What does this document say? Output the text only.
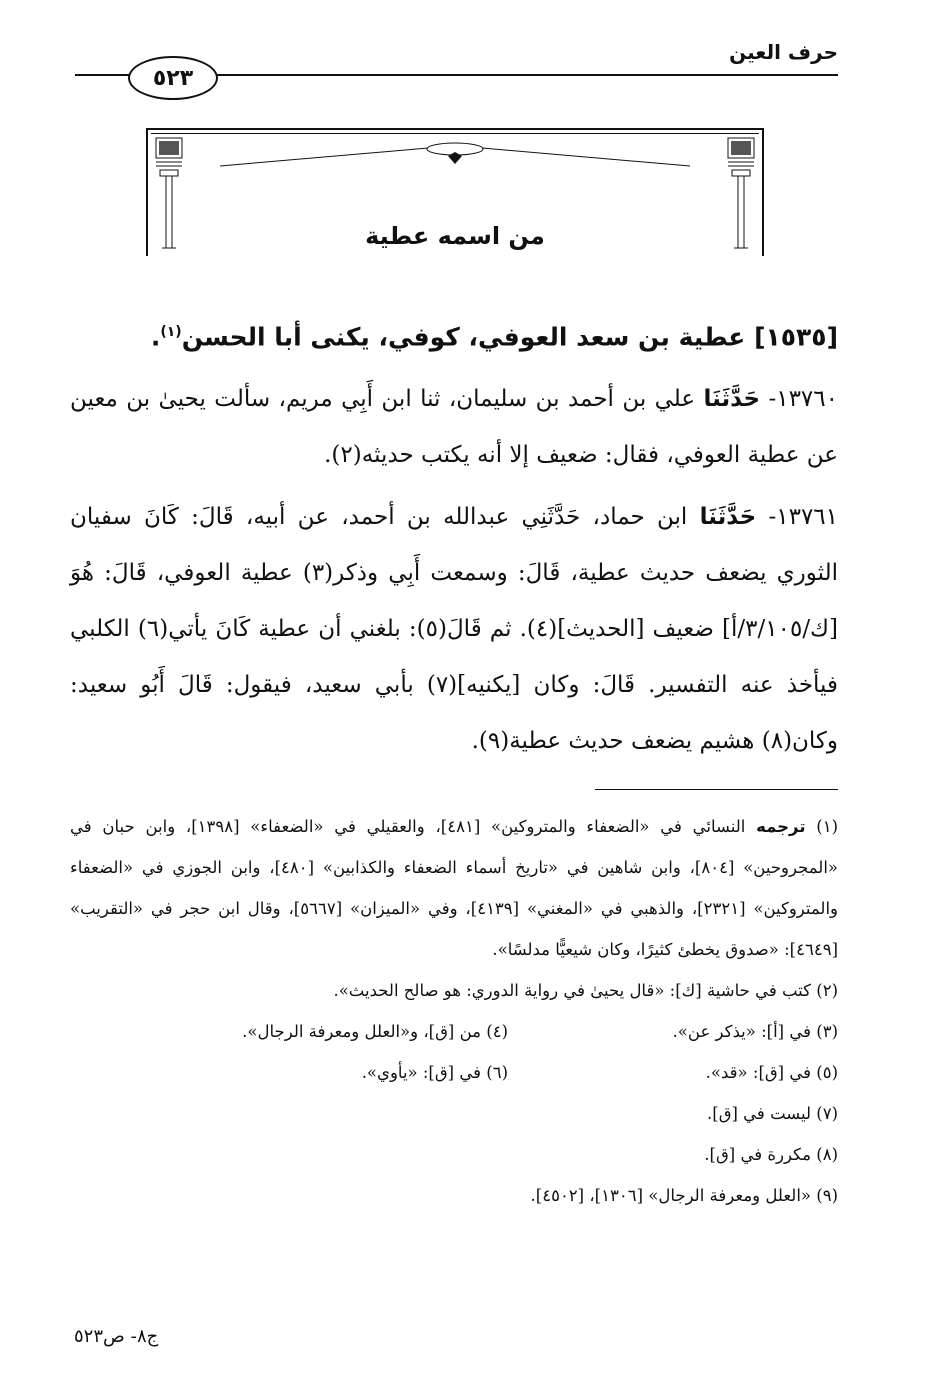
حرف العين
٥٢٣
من اسمه عطية
[١٥٣٥] عطية بن سعد العوفي، كوفي، يكنى أبا الحسن$^{(١)}$.
١٣٧٦٠- حَدَّثَنَا علي بن أحمد بن سليمان، ثنا ابن أَبِي مريم، سألت يحيىٰ بن معين عن عطية العوفي، فقال: ضعيف إلا أنه يكتب حديثه(٢).
١٣٧٦١- حَدَّثَنَا ابن حماد، حَدَّثَنِي عبدالله بن أحمد، عن أبيه، قَالَ: كَانَ سفيان الثوري يضعف حديث عطية، قَالَ: وسمعت أَبِي وذكر(٣) عطية العوفي، قَالَ: هُوَ [ك/٣/١٠٥/أ] ضعيف [الحديث](٤). ثم قَالَ(٥): بلغني أن عطية كَانَ يأتي(٦) الكلبي فيأخذ عنه التفسير. قَالَ: وكان [يكنيه](٧) بأبي سعيد، فيقول: قَالَ أَبُو سعيد: وكان(٨) هشيم يضعف حديث عطية(٩).

(١) ترجمه النسائي في «الضعفاء والمتروكين» [٤٨١]، والعقيلي في «الضعفاء» [١٣٩٨]، وابن حبان في «المجروحين» [٨٠٤]، وابن شاهين في «تاريخ أسماء الضعفاء والكذابين» [٤٨٠]، وابن الجوزي في «الضعفاء والمتروكين» [٢٣٢١]، والذهبي في «المغني» [٤١٣٩]، وفي «الميزان» [٥٦٦٧]، وقال ابن حجر في «التقريب» [٤٦٤٩]: «صدوق يخطئ كثيرًا، وكان شيعيًّا مدلسًا».

(٢) كتب في حاشية [ك]: «قال يحيىٰ في رواية الدوري: هو صالح الحديث».

(٣) في [أ]: «يذكر عن».
(٤) من [ق]، و«العلل ومعرفة الرجال».
(٥) في [ق]: «قد».
(٦) في [ق]: «يأوي».

(٧) ليست في [ق].

(٨) مكررة في [ق].

(٩) «العلل ومعرفة الرجال» [١٣٠٦]، [٤٥٠٢].

ج٨- ص٥٢٣
